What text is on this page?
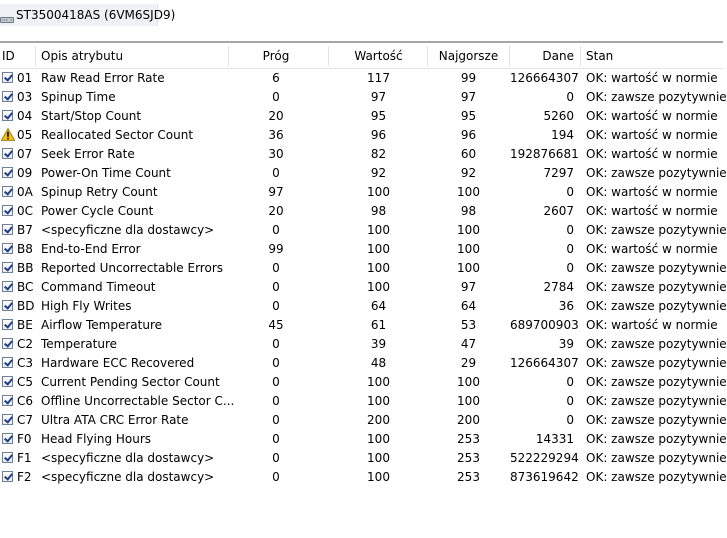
ST3500418AS (6VM6SJD9)
ID Opis atrybutu	Próg	Wartość	Najgorsze	Dane Stan
01 Raw Read Error Rate	6	117	99	126664307 OK: wartość w normie
03 Spinup Time	0	97	97	0 OK: zawsze pozytywnie
04 Start/Stop Count	20	95	95	5260 OK: wartość w normie
05 Reallocated Sector Count	36	96	96	194 OK: wartość w normie
07 Seek Error Rate	30	82	60	192876681 OK: wartość w normie
09 Power-On Time Count	0	92	92	7297 OK: zawsze pozytywnie
0A Spinup Retry Count	97	100	100	0 OK: wartość w normie
0C Power Cycle Count	20	98	98	2607 OK: wartość w normie
B7 <specyficzne dla dostawcy>	0	100	100	0 OK: zawsze pozytywnie
B8 End-to-End Error	99	100	100	0 OK: wartość w normie
BB Reported Uncorrectable Errors	0	100	100	0 OK: zawsze pozytywnie
BC Command Timeout	0	100	97	2784 OK: zawsze pozytywnie
BD High Fly Writes	0	64	64	36 OK: zawsze pozytywnie
BE Airflow Temperature	45	61	53	689700903 OK: wartość w normie
C2 Temperature	0	39	47	39 OK: zawsze pozytywnie
C3 Hardware ECC Recovered	0	48	29	126664307 OK: zawsze pozytywnie
C5 Current Pending Sector Count	0	100	100	0 OK: zawsze pozytywnie
C6 Offline Uncorrectable Sector C...	0	100	100	0 OK: zawsze pozytywnie
C7 Ultra ATA CRC Error Rate	0	200	200	0 OK: zawsze pozytywnie
F0 Head Flying Hours	0	100	253	14331 OK: zawsze pozytywnie
F1 <specyficzne dla dostawcy>	0	100	253	522229294 OK: zawsze pozytywnie
F2 <specyficzne dla dostawcy>	0	100	253	873619642 OK: zawsze pozytywnie
